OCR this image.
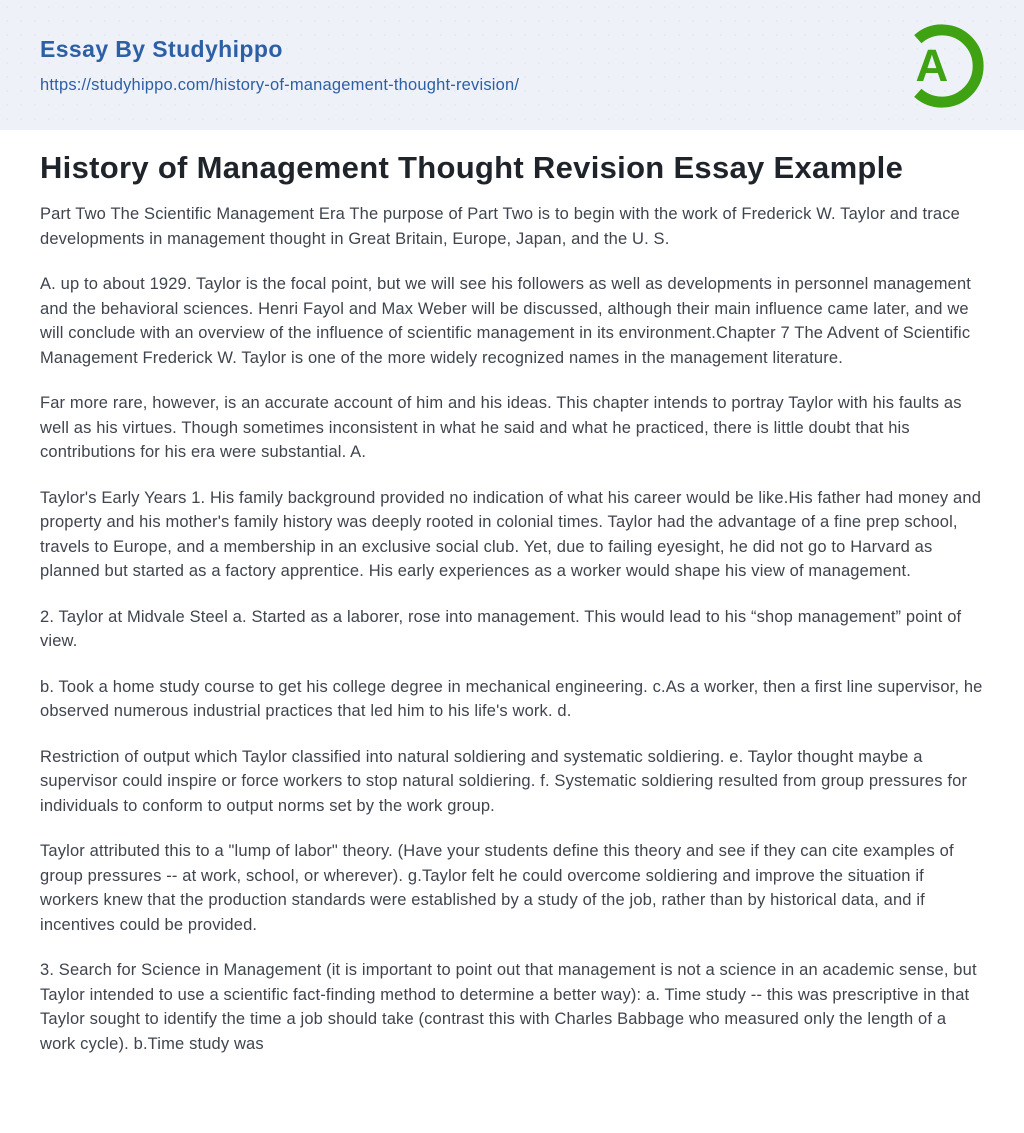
Essay By Studyhippo
https://studyhippo.com/history-of-management-thought-revision/	A
History of Management Thought Revision Essay Example

Part Two The Scientific Management Era The purpose of Part Two is to begin with the work of Frederick W. Taylor and trace developments in management thought in Great Britain, Europe, Japan, and the U. S.

A. up to about 1929. Taylor is the focal point, but we will see his followers as well as developments in personnel management and the behavioral sciences. Henri Fayol and Max Weber will be discussed, although their main influence came later, and we will conclude with an overview of the influence of scientific management in its environment.Chapter 7 The Advent of Scientific Management Frederick W. Taylor is one of the more widely recognized names in the management literature.

Far more rare, however, is an accurate account of him and his ideas. This chapter intends to portray Taylor with his faults as well as his virtues. Though sometimes inconsistent in what he said and what he practiced, there is little doubt that his contributions for his era were substantial. A.

Taylor's Early Years 1. His family background provided no indication of what his career would be like.His father had money and property and his mother's family history was deeply rooted in colonial times. Taylor had the advantage of a fine prep school, travels to Europe, and a membership in an exclusive social club. Yet, due to failing eyesight, he did not go to Harvard as planned but started as a factory apprentice. His early experiences as a worker would shape his view of management.

2. Taylor at Midvale Steel a. Started as a laborer, rose into management. This would lead to his “shop management” point of view.

b. Took a home study course to get his college degree in mechanical engineering. c.As a worker, then a first line supervisor, he observed numerous industrial practices that led him to his life's work. d.

Restriction of output which Taylor classified into natural soldiering and systematic soldiering. e. Taylor thought maybe a supervisor could inspire or force workers to stop natural soldiering. f. Systematic soldiering resulted from group pressures for individuals to conform to output norms set by the work group.

Taylor attributed this to a "lump of labor" theory. (Have your students define this theory and see if they can cite examples of group pressures -- at work, school, or wherever). g.Taylor felt he could overcome soldiering and improve the situation if workers knew that the production standards were established by a study of the job, rather than by historical data, and if incentives could be provided.

3. Search for Science in Management (it is important to point out that management is not a science in an academic sense, but Taylor intended to use a scientific fact-finding method to determine a better way): a. Time study -- this was prescriptive in that Taylor sought to identify the time a job should take (contrast this with Charles Babbage who measured only the length of a work cycle). b.Time study was
